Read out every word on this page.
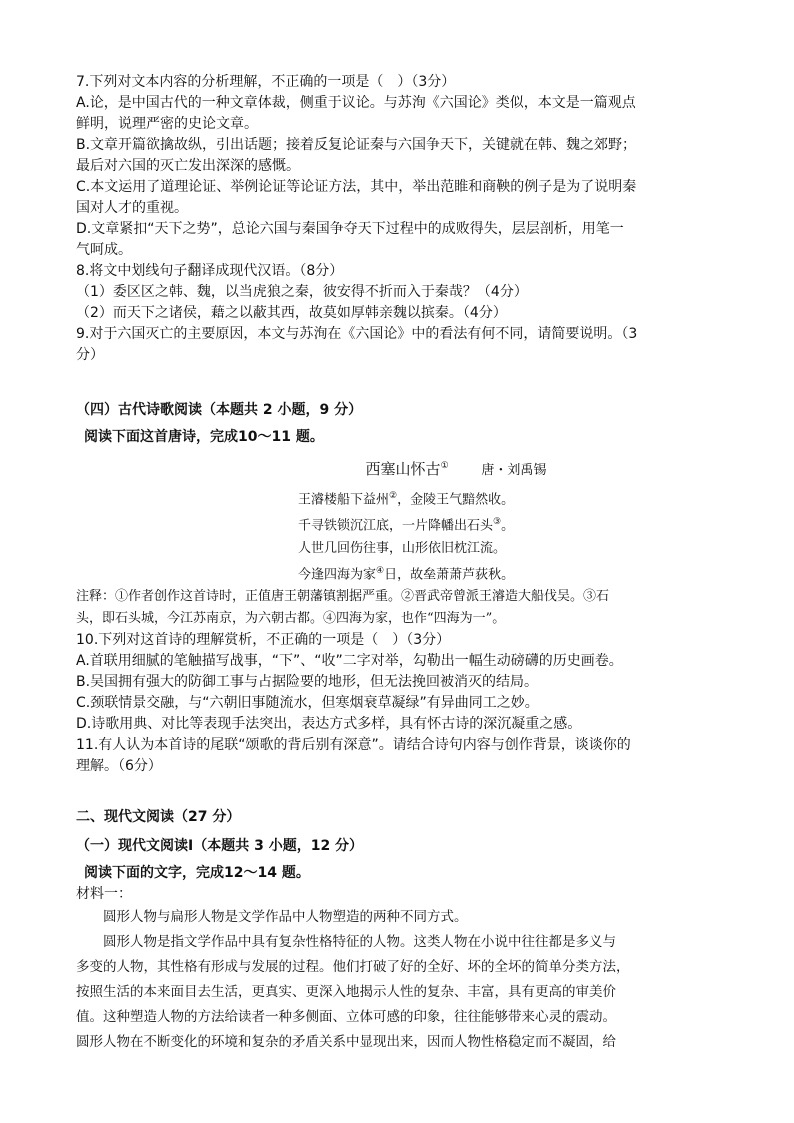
7.下列对文本内容的分析理解，不正确的一项是（　）（3分）
A.论，是中国古代的一种文章体裁，侧重于议论。与苏洵《六国论》类似，本文是一篇观点
鲜明，说理严密的史论文章。
B.文章开篇欲擒故纵，引出话题；接着反复论证秦与六国争天下，关键就在韩、魏之郊野；
最后对六国的灭亡发出深深的感慨。
C.本文运用了道理论证、举例论证等论证方法，其中，举出范睢和商鞅的例子是为了说明秦
国对人才的重视。
D.文章紧扣“天下之势”，总论六国与秦国争夺天下过程中的成败得失，层层剖析，用笔一
气呵成。
8.将文中划线句子翻译成现代汉语。（8分）
（1）委区区之韩、魏，以当虎狼之秦，彼安得不折而入于秦哉？（4分）
（2）而天下之诸侯，藉之以蔽其西，故莫如厚韩亲魏以摈秦。（4分）
9.对于六国灭亡的主要原因，本文与苏洵在《六国论》中的看法有何不同，请简要说明。（3
分）
（四）古代诗歌阅读（本题共 2 小题，9 分）
阅读下面这首唐诗，完成10～11 题。
西塞山怀古①	唐・刘禹锡
王濬楼船下益州②，金陵王气黯然收。
千寻铁锁沉江底，一片降幡出石头③。
人世几回伤往事，山形依旧枕江流。
今逢四海为家④日，故垒萧萧芦荻秋。
注释：①作者创作这首诗时，正值唐王朝藩镇割据严重。②晋武帝曾派王濬造大船伐吴。③石
头，即石头城，今江苏南京，为六朝古都。④四海为家，也作“四海为一”。
10.下列对这首诗的理解赏析，不正确的一项是（　）（3分）
A.首联用细腻的笔触描写战事，“下”、“收”二字对举，勾勒出一幅生动磅礴的历史画卷。
B.吴国拥有强大的防御工事与占据险要的地形，但无法挽回被消灭的结局。
C.颈联情景交融，与“六朝旧事随流水，但寒烟衰草凝绿”有异曲同工之妙。
D.诗歌用典、对比等表现手法突出，表达方式多样，具有怀古诗的深沉凝重之感。
11.有人认为本首诗的尾联“颂歌的背后别有深意”。请结合诗句内容与创作背景，谈谈你的
理解。（6分）
二、现代文阅读（27 分）
（一）现代文阅读Ⅰ（本题共 3 小题，12 分）
阅读下面的文字，完成12～14 题。
材料一：
圆形人物与扁形人物是文学作品中人物塑造的两种不同方式。
圆形人物是指文学作品中具有复杂性格特征的人物。这类人物在小说中往往都是多义与
多变的人物，其性格有形成与发展的过程。他们打破了好的全好、坏的全坏的简单分类方法，
按照生活的本来面目去生活，更真实、更深入地揭示人性的复杂、丰富，具有更高的审美价
值。这种塑造人物的方法给读者一种多侧面、立体可感的印象，往往能够带来心灵的震动。
圆形人物在不断变化的环境和复杂的矛盾关系中显现出来，因而人物性格稳定而不凝固，给
